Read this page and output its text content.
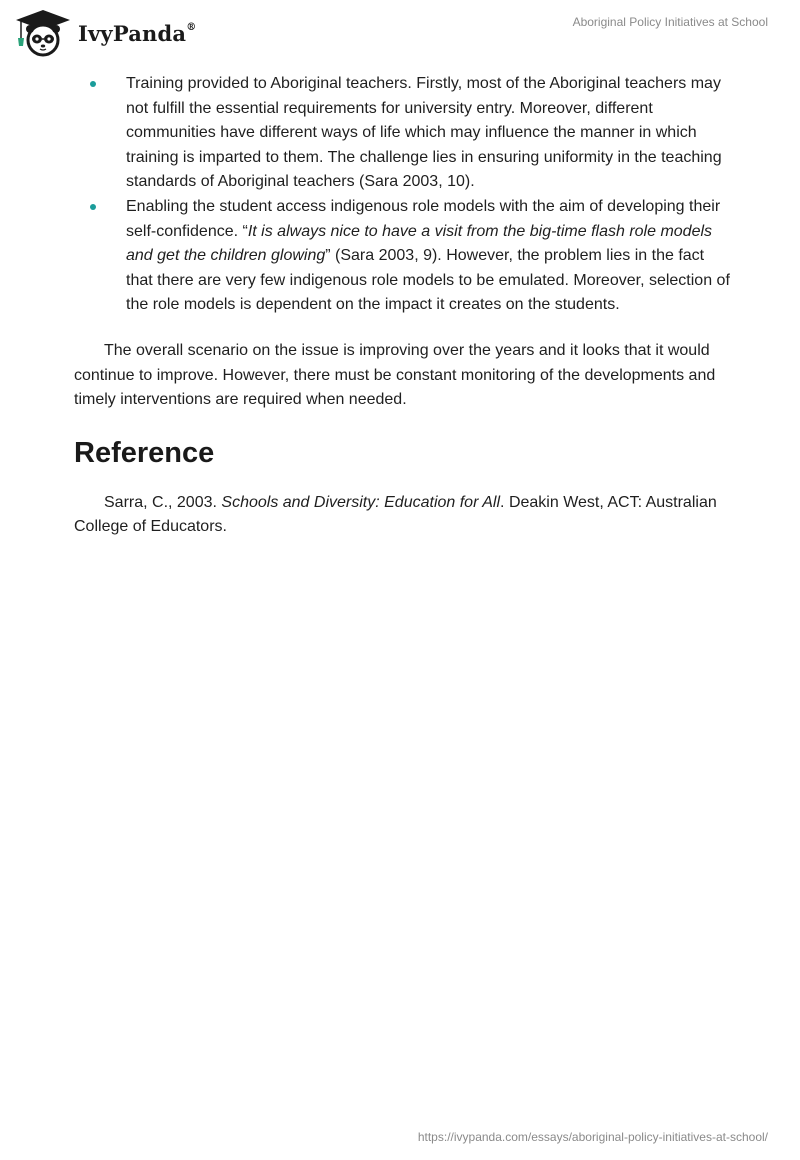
IvyPanda®	Aboriginal Policy Initiatives at School
Training provided to Aboriginal teachers. Firstly, most of the Aboriginal teachers may not fulfill the essential requirements for university entry. Moreover, different communities have different ways of life which may influence the manner in which training is imparted to them. The challenge lies in ensuring uniformity in the teaching standards of Aboriginal teachers (Sara 2003, 10).
Enabling the student access indigenous role models with the aim of developing their self-confidence. “It is always nice to have a visit from the big-time flash role models and get the children glowing” (Sara 2003, 9). However, the problem lies in the fact that there are very few indigenous role models to be emulated. Moreover, selection of the role models is dependent on the impact it creates on the students.

The overall scenario on the issue is improving over the years and it looks that it would continue to improve. However, there must be constant monitoring of the developments and timely interventions are required when needed.

Reference

Sarra, C., 2003. Schools and Diversity: Education for All. Deakin West, ACT: Australian College of Educators.

https://ivypanda.com/essays/aboriginal-policy-initiatives-at-school/
